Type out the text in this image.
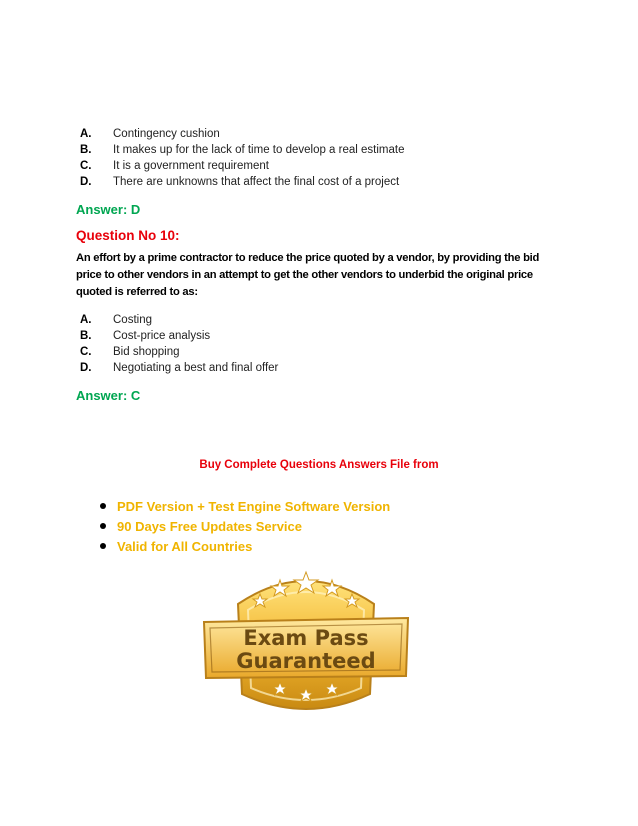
A.	Contingency cushion
B.	It makes up for the lack of time to develop a real estimate
C.	It is a government requirement
D.	There are unknowns that affect the final cost of a project
Answer: D
Question No 10:
An effort by a prime contractor to reduce the price quoted by a vendor, by providing the bid price to other vendors in an attempt to get the other vendors to underbid the original price quoted is referred to as:
A.	Costing
B.	Cost-price analysis
C.	Bid shopping
D.	Negotiating a best and final offer
Answer: C
Buy Complete Questions Answers File from
PDF Version + Test Engine Software Version
90 Days Free Updates Service
Valid for All Countries
Exam Pass
Guaranteed
